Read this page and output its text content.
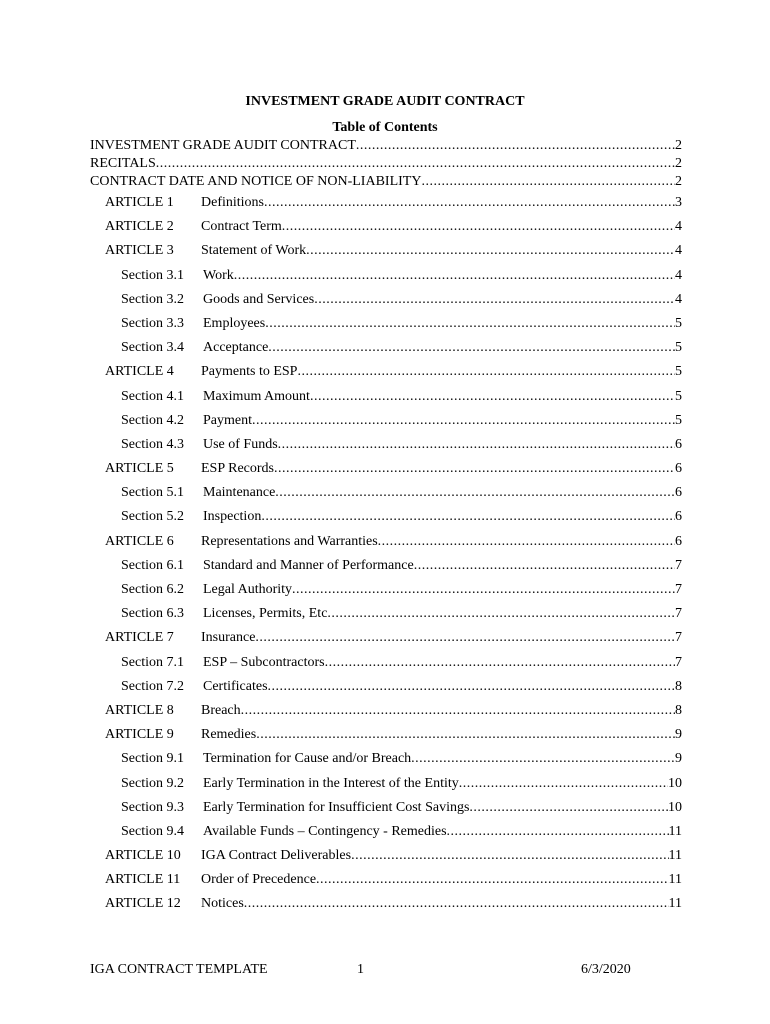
INVESTMENT GRADE AUDIT CONTRACT
Table of Contents
INVESTMENT GRADE AUDIT CONTRACT .....	2
RECITALS .....	2
CONTRACT DATE AND NOTICE OF NON-LIABILITY .....	2
ARTICLE 1	Definitions .....	3
ARTICLE 2	Contract Term .....	4
ARTICLE 3	Statement of Work .....	4
Section 3.1	Work .....	4
Section 3.2	Goods and Services .....	4
Section 3.3	Employees .....	5
Section 3.4	Acceptance .....	5
ARTICLE 4	Payments to ESP .....	5
Section 4.1	Maximum Amount .....	5
Section 4.2	Payment .....	5
Section 4.3	Use of Funds .....	6
ARTICLE 5	ESP Records .....	6
Section 5.1	Maintenance .....	6
Section 5.2	Inspection .....	6
ARTICLE 6	Representations and Warranties .....	6
Section 6.1	Standard and Manner of Performance .....	7
Section 6.2	Legal Authority .....	7
Section 6.3	Licenses, Permits, Etc .....	7
ARTICLE 7	Insurance .....	7
Section 7.1	ESP – Subcontractors .....	7
Section 7.2	Certificates .....	8
ARTICLE 8	Breach .....	8
ARTICLE 9	Remedies .....	9
Section 9.1	Termination for Cause and/or Breach .....	9
Section 9.2	Early Termination in the Interest of the Entity .....	10
Section 9.3	Early Termination for Insufficient Cost Savings .....	10
Section 9.4	Available Funds – Contingency - Remedies .....	11
ARTICLE 10	IGA Contract Deliverables .....	11
ARTICLE 11	Order of Precedence .....	11
ARTICLE 12	Notices .....	11
IGA CONTRACT TEMPLATE	1	6/3/2020
